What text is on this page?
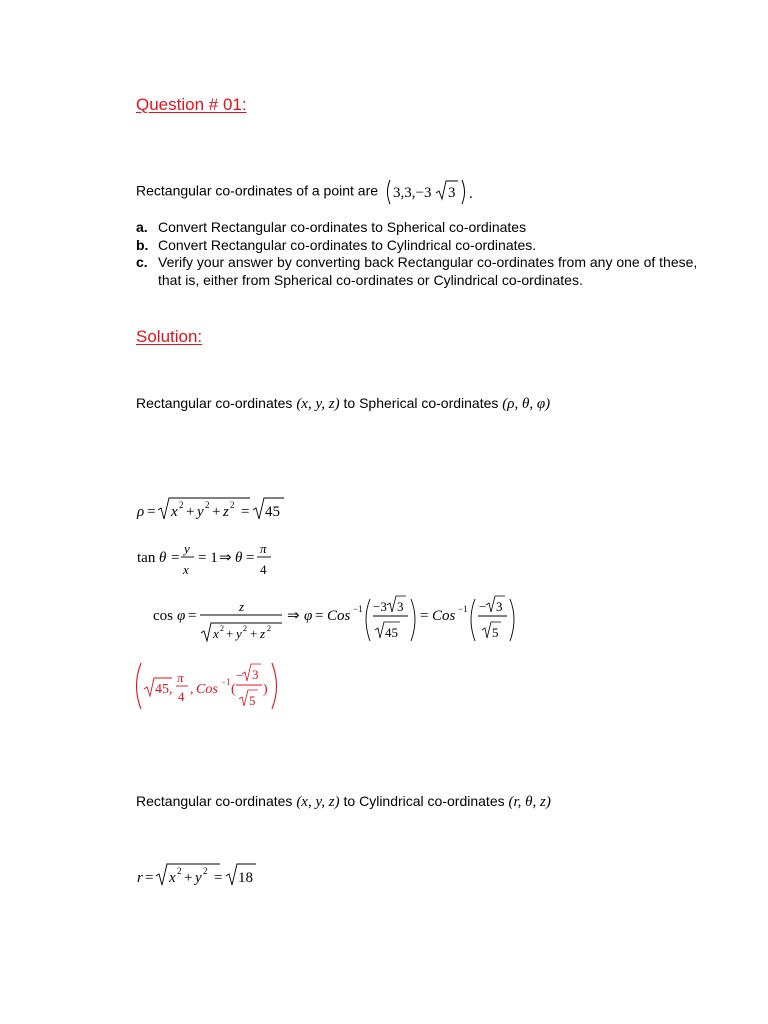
Question # 01:
Rectangular co-ordinates of a point are 3,3,−3 3 .
a. Convert Rectangular co-ordinates to Spherical co-ordinates
b. Convert Rectangular co-ordinates to Cylindrical co-ordinates.
c. Verify your answer by converting back Rectangular co-ordinates from any one of these, that is, either from Spherical co-ordinates or Cylindrical co-ordinates.
Solution:
Rectangular co-ordinates (x, y, z) to Spherical co-ordinates (ρ, θ, φ)
ρ = x 2 + y 2 + z 2 = 45
tan θ =
y
x
= 1 ⇒ θ =
π
4
cos φ =
z
x 2 + y 2 + z 2
⇒ φ = Cos −1 −3 3
45
= Cos −1 − 3
5
45,
π
4 , Cos −1 (
− 3
5
)
Rectangular co-ordinates (x, y, z) to Cylindrical co-ordinates (r, θ, z)
r = x 2 + y 2 = 18
